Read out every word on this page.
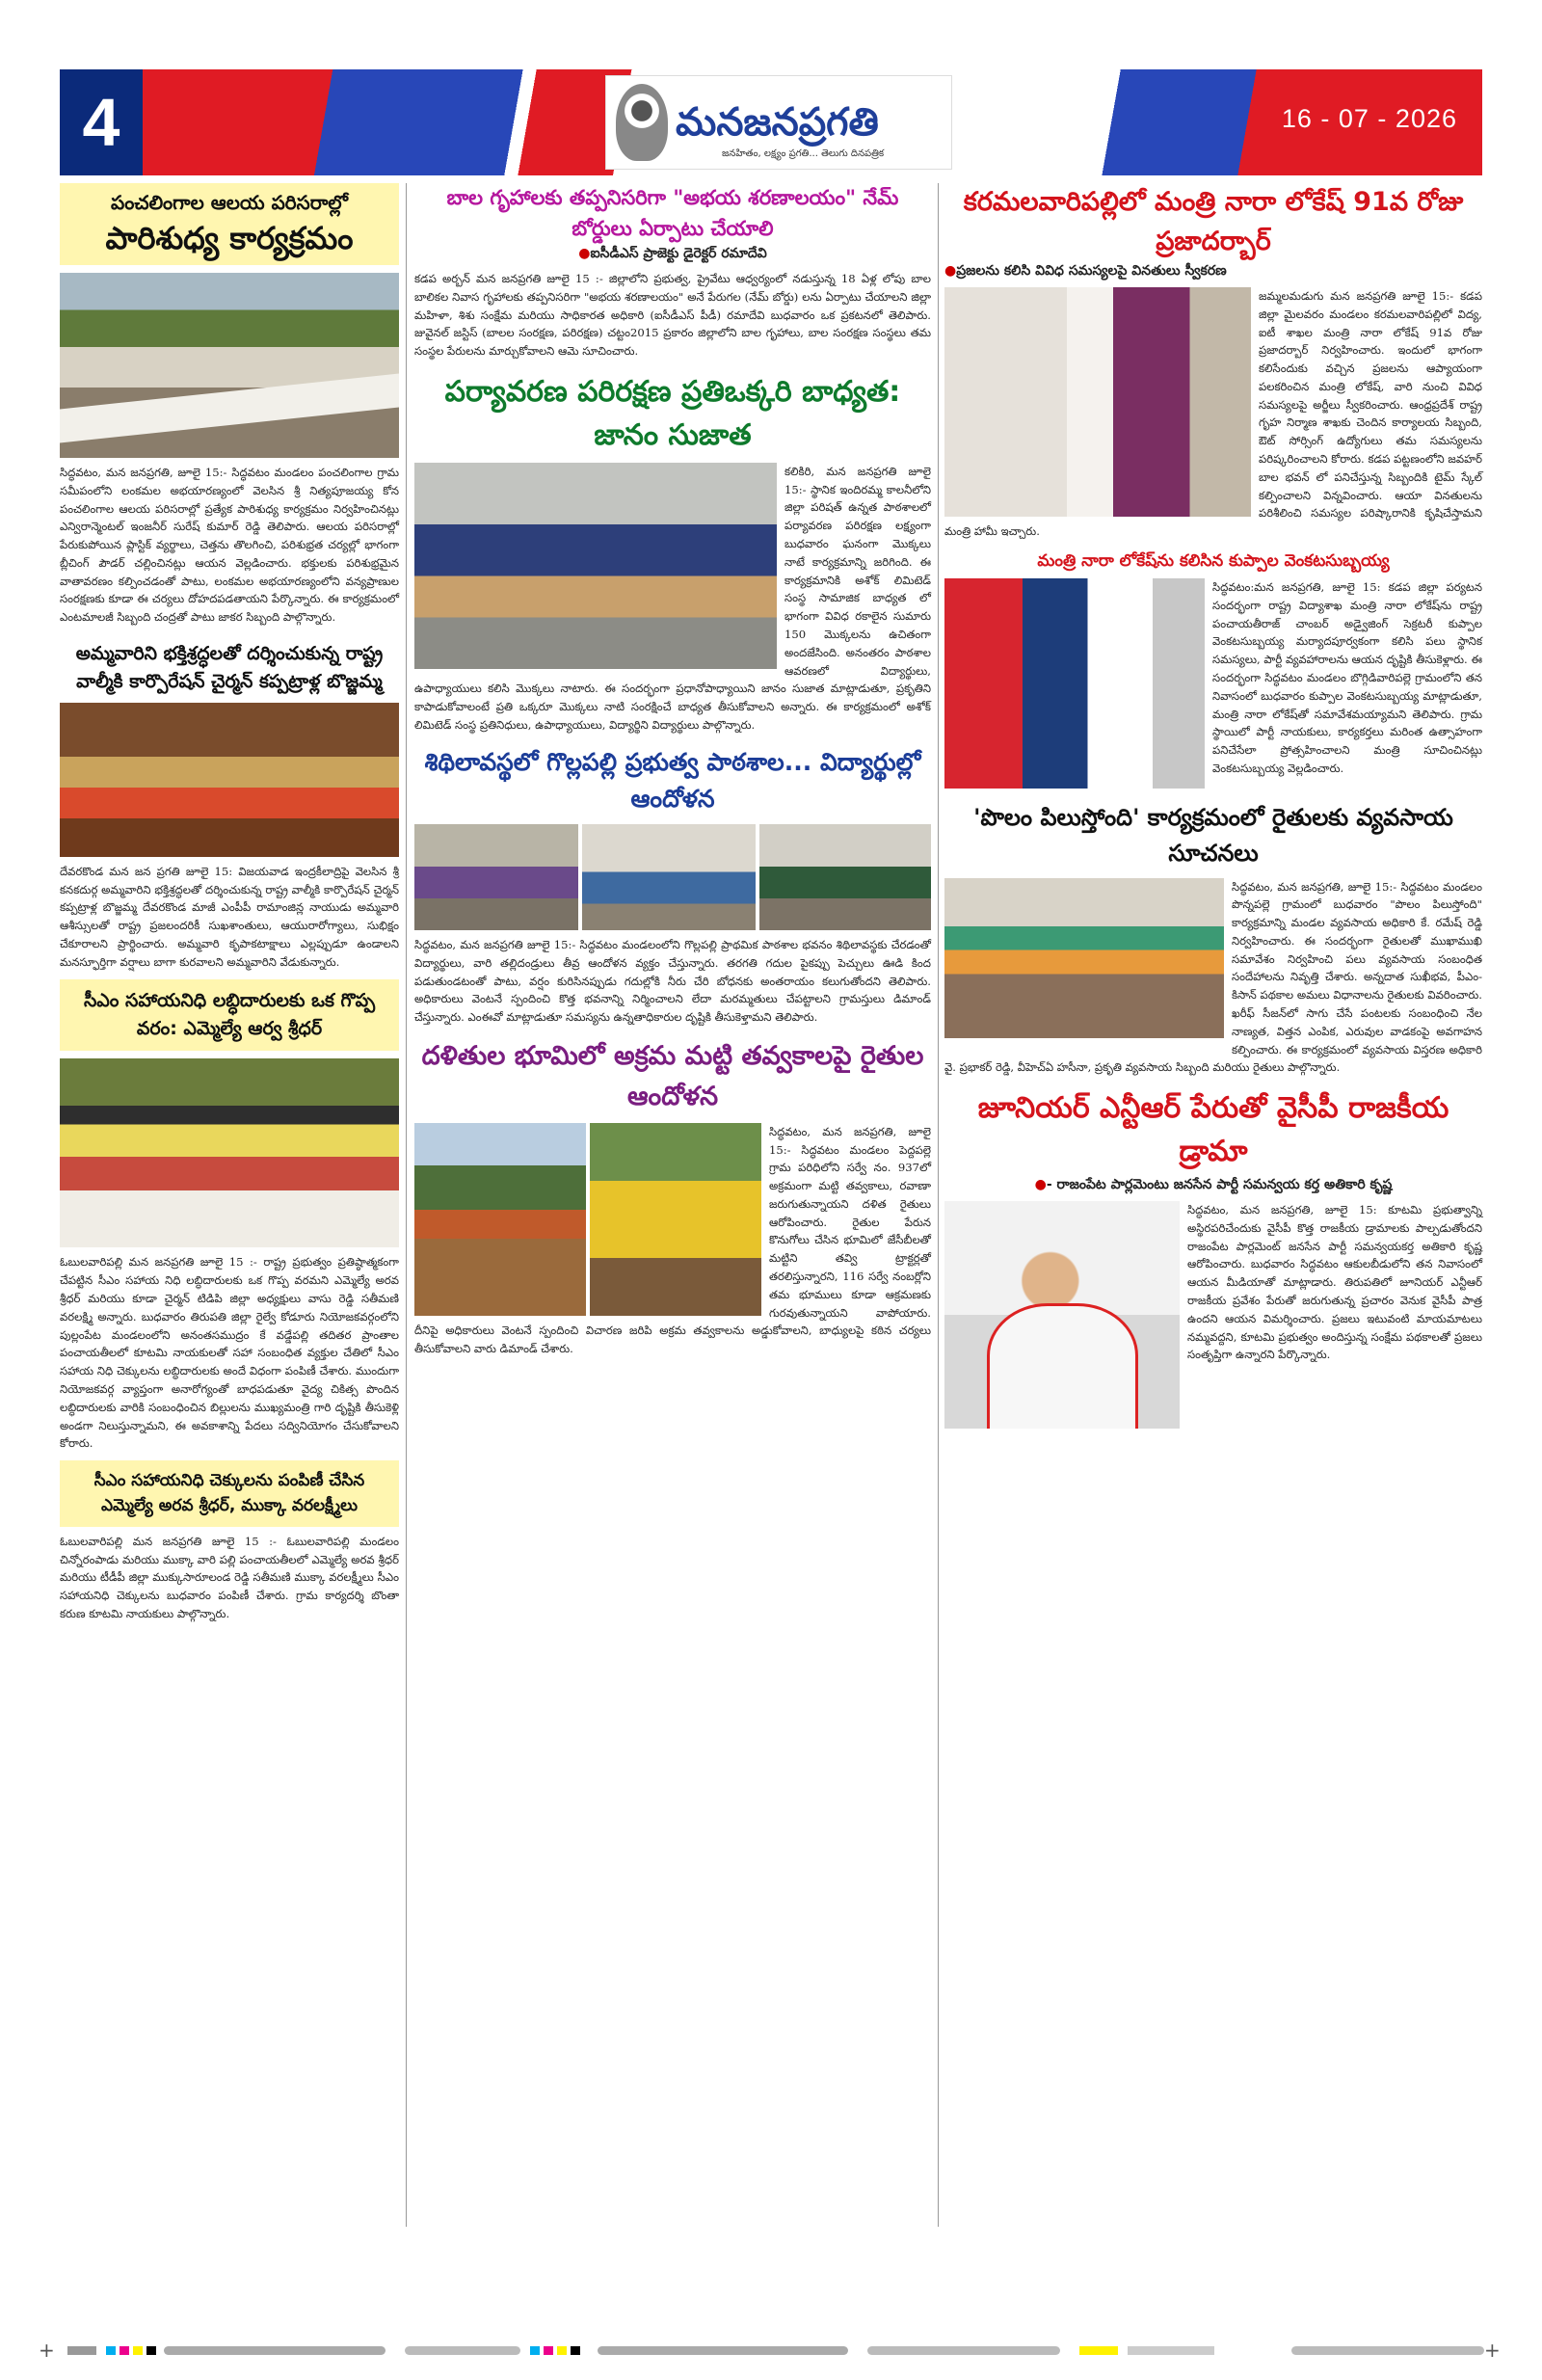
4	మనజనప్రగతి
జనహితం, లక్ష్యం ప్రగతి... తెలుగు దినపత్రిక
16 - 07 - 2026
పంచలింగాల ఆలయ పరిసరాల్లో
పారిశుధ్య కార్యక్రమం

సిద్ధవటం, మన జనప్రగతి, జూలై 15:- సిద్ధవటం మండలం పంచలింగాల గ్రామ సమీపంలోని లంకమల అభయారణ్యంలో వెలసిన శ్రీ నిత్యపూజయ్య కోన పంచలింగాల ఆలయ పరిసరాల్లో ప్రత్యేక పారిశుధ్య కార్యక్రమం నిర్వహించినట్లు ఎన్విరాన్మెంటల్ ఇంజనీర్ సురేష్ కుమార్ రెడ్డి తెలిపారు. ఆలయ పరిసరాల్లో పేరుకుపోయిన ప్లాస్టిక్ వ్యర్థాలు, చెత్తను తొలగించి, పరిశుభ్రత చర్యల్లో భాగంగా బ్లీచింగ్ పౌడర్ చల్లించినట్లు ఆయన వెల్లడించారు. భక్తులకు పరిశుభ్రమైన వాతావరణం కల్పించడంతో పాటు, లంకమల అభయారణ్యంలోని వన్యప్రాణుల సంరక్షణకు కూడా ఈ చర్యలు దోహదపడతాయని పేర్కొన్నారు. ఈ కార్యక్రమంలో ఎంటమాలజీ సిబ్బంది చంద్రతో పాటు జాకర సిబ్బంది పాల్గొన్నారు.

అమ్మవారిని భక్తిశ్రద్ధలతో దర్శించుకున్న రాష్ట్ర వాల్మీకి కార్పొరేషన్ చైర్మన్ కప్పట్రాళ్ల బొజ్జమ్మ

దేవరకొండ మన జన ప్రగతి జూలై 15: విజయవాడ ఇంద్రకీలాద్రిపై వెలసిన శ్రీ కనకదుర్గ అమ్మవారిని భక్తిశ్రద్ధలతో దర్శించుకున్న రాష్ట్ర వాల్మీకి కార్పొరేషన్ చైర్మన్ కప్పట్రాళ్ల బొజ్జమ్మ దేవరకొండ మాజీ ఎంపీపీ రామాంజిన్ల నాయుడు అమ్మవారి ఆశీస్సులతో రాష్ట్ర ప్రజలందరికీ సుఖశాంతులు, ఆయురారోగ్యాలు, సుభిక్షం చేకూరాలని ప్రార్థించారు. అమ్మవారి కృపాకటాక్షాలు ఎల్లప్పుడూ ఉండాలని మనస్ఫూర్తిగా వర్షాలు బాగా కురవాలని అమ్మవారిని వేడుకున్నారు.

సీఎం సహాయనిధి లబ్ధిదారులకు ఒక గొప్ప వరం: ఎమ్మెల్యే ఆర్వ శ్రీధర్

ఓబులవారిపల్లి మన జనప్రగతి జూలై 15 :- రాష్ట్ర ప్రభుత్వం ప్రతిష్ఠాత్మకంగా చేపట్టిన సీఎం సహాయ నిధి లబ్ధిదారులకు ఒక గొప్ప వరమని ఎమ్మెల్యే అరవ శ్రీధర్ మరియు కూడా చైర్మన్ టిడిపి జిల్లా అధ్యక్షులు వాసు రెడ్డి సతీమణి వరలక్ష్మి అన్నారు. బుధవారం తిరుపతి జిల్లా రైల్వే కోడూరు నియోజకవర్గంలోని పుల్లంపేట మండలంలోని అనంతసముద్రం కే వడ్డేపల్లి తదితర ప్రాంతాల పంచాయతీలలో కూటమి నాయకులతో సహా సంబంధిత వ్యక్తుల చేతిలో సీఎం సహాయ నిధి చెక్కులను లబ్ధిదారులకు అందే విధంగా పంపిణీ చేశారు. ముందుగా నియోజకవర్గ వ్యాప్తంగా అనారోగ్యంతో బాధపడుతూ వైద్య చికిత్స పొందిన లబ్ధిదారులకు వారికి సంబంధించిన బిల్లులను ముఖ్యమంత్రి గారి దృష్టికి తీసుకెళ్లి అండగా నిలుస్తున్నామని, ఈ అవకాశాన్ని పేదలు సద్వినియోగం చేసుకోవాలని కోరారు.

సీఎం సహాయనిధి చెక్కులను పంపిణీ చేసిన ఎమ్మెల్యే అరవ శ్రీధర్, ముక్కా వరలక్ష్మీలు

ఓబులవారిపల్లి మన జనప్రగతి జూలై 15 :- ఓబులవారిపల్లి మండలం చిన్నోరంపాడు మరియు ముక్కా వారి పల్లి పంచాయతీలలో ఎమ్మెల్యే అరవ శ్రీధర్ మరియు టీడీపీ జిల్లా ముక్కుసారూలండ రెడ్డి సతీమణి ముక్కా వరలక్ష్మీలు సీఎం సహాయనిధి చెక్కులను బుధవారం పంపిణీ చేశారు. గ్రామ కార్యదర్శి బొంతా కరుణ కూటమి నాయకులు పాల్గొన్నారు.

బాల గృహాలకు తప్పనిసరిగా "అభయ శరణాలయం" నేమ్ బోర్డులు ఏర్పాటు చేయాలి
● ఐసీడీఎస్ ప్రాజెక్టు డైరెక్టర్ రమాదేవి

కడప అర్బన్ మన జనప్రగతి జూలై 15 :- జిల్లాలోని ప్రభుత్వ, ప్రైవేటు ఆధ్వర్యంలో నడుస్తున్న 18 ఏళ్ల లోపు బాల బాలికల నివాస గృహాలకు తప్పనిసరిగా "అభయ శరణాలయం" అనే పేరుగల (నేమ్ బోర్డు) లను ఏర్పాటు చేయాలని జిల్లా మహిళా, శిశు సంక్షేమ మరియు సాధికారత అధికారి (ఐసీడీఎస్ పీడీ) రమాదేవి బుధవారం ఒక ప్రకటనలో తెలిపారు. జువైనల్ జస్టిస్ (బాలల సంరక్షణ, పరిరక్షణ) చట్టం2015 ప్రకారం జిల్లాలోని బాల గృహాలు, బాల సంరక్షణ సంస్థలు తమ సంస్థల పేరులను మార్చుకోవాలని ఆమె సూచించారు.

పర్యావరణ పరిరక్షణ ప్రతిఒక్కరి బాధ్యత: జానం సుజాత

కలికిరి, మన జనప్రగతి జూలై 15:- స్థానిక ఇందిరమ్మ కాలనీలోని జిల్లా పరిషత్ ఉన్నత పాఠశాలలో పర్యావరణ పరిరక్షణ లక్ష్యంగా బుధవారం ఘనంగా మొక్కలు నాటే కార్యక్రమాన్ని జరిగింది. ఈ కార్యక్రమానికి అశోక్ లిమిటెడ్ సంస్థ సామాజిక బాధ్యత లో భాగంగా వివిధ రకాలైన సుమారు 150 మొక్కలను ఉచితంగా అందజేసింది. అనంతరం పాఠశాల ఆవరణలో విద్యార్థులు, ఉపాధ్యాయులు కలిసి మొక్కలు నాటారు. ఈ సందర్భంగా ప్రధానోపాధ్యాయిని జానం సుజాత మాట్లాడుతూ, ప్రకృతిని కాపాడుకోవాలంటే ప్రతి ఒక్కరూ మొక్కలు నాటి సంరక్షించే బాధ్యత తీసుకోవాలని అన్నారు. ఈ కార్యక్రమంలో అశోక్ లిమిటెడ్ సంస్థ ప్రతినిధులు, ఉపాధ్యాయులు, విద్యార్థిని విద్యార్థులు పాల్గొన్నారు.

శిథిలావస్థలో గొల్లపల్లి ప్రభుత్వ పాఠశాల... విద్యార్థుల్లో ఆందోళన

సిద్ధవటం, మన జనప్రగతి జూలై 15:- సిద్ధవటం మండలంలోని గొల్లపల్లి ప్రాథమిక పాఠశాల భవనం శిథిలావస్థకు చేరడంతో విద్యార్థులు, వారి తల్లిదండ్రులు తీవ్ర ఆందోళన వ్యక్తం చేస్తున్నారు. తరగతి గదుల పైకప్పు పెచ్చులు ఊడి కింద పడుతుండటంతో పాటు, వర్షం కురిసినప్పుడు గదుల్లోకి నీరు చేరి బోధనకు అంతరాయం కలుగుతోందని తెలిపారు. అధికారులు వెంటనే స్పందించి కొత్త భవనాన్ని నిర్మించాలని లేదా మరమ్మతులు చేపట్టాలని గ్రామస్తులు డిమాండ్ చేస్తున్నారు. ఎంఈవో మాట్లాడుతూ సమస్యను ఉన్నతాధికారుల దృష్టికి తీసుకెళ్తామని తెలిపారు.

దళితుల భూమిలో అక్రమ మట్టి తవ్వకాలపై రైతుల ఆందోళన

సిద్ధవటం, మన జనప్రగతి, జూలై 15:- సిద్ధవటం మండలం పెద్దపల్లె గ్రామ పరిధిలోని సర్వే నం. 937లో అక్రమంగా మట్టి తవ్వకాలు, రవాణా జరుగుతున్నాయని దళిత రైతులు ఆరోపించారు. రైతుల పేరున కొనుగోలు చేసిన భూమిలో జేసీబీలతో మట్టిని తవ్వి ట్రాక్టర్లతో తరలిస్తున్నారని, 116 సర్వే నంబర్లోని తమ భూములు కూడా ఆక్రమణకు గురవుతున్నాయని వాపోయారు. దీనిపై అధికారులు వెంటనే స్పందించి విచారణ జరిపి అక్రమ తవ్వకాలను అడ్డుకోవాలని, బాధ్యులపై కఠిన చర్యలు తీసుకోవాలని వారు డిమాండ్ చేశారు.

కరమలవారిపల్లిలో మంత్రి నారా లోకేష్ 91వ రోజు ప్రజాదర్బార్
● ప్రజలను కలిసి వివిధ సమస్యలపై వినతులు స్వీకరణ

జమ్మలమడుగు మన జనప్రగతి జూలై 15:- కడప జిల్లా మైలవరం మండలం కరమలవారిపల్లిలో విద్య, ఐటీ శాఖల మంత్రి నారా లోకేష్ 91వ రోజు ప్రజాదర్బార్ నిర్వహించారు. ఇందులో భాగంగా కలిసేందుకు వచ్చిన ప్రజలను ఆప్యాయంగా పలకరించిన మంత్రి లోకేష్, వారి నుంచి వివిధ సమస్యలపై అర్జీలు స్వీకరించారు. ఆంధ్రప్రదేశ్ రాష్ట్ర గృహ నిర్మాణ శాఖకు చెందిన కార్యాలయ సిబ్బంది, ఔట్ సోర్సింగ్ ఉద్యోగులు తమ సమస్యలను పరిష్కరించాలని కోరారు. కడప పట్టణంలోని జవహర్ బాల భవన్ లో పనిచేస్తున్న సిబ్బందికి టైమ్ స్కేల్ కల్పించాలని విన్నవించారు. ఆయా వినతులను పరిశీలించి సమస్యల పరిష్కారానికి కృషిచేస్తామని మంత్రి హామీ ఇచ్చారు.

మంత్రి నారా లోకేష్‌ను కలిసిన కుప్పాల వెంకటసుబ్బయ్య

సిద్ధవటం:మన జనప్రగతి, జూలై 15: కడప జిల్లా పర్యటన సందర్భంగా రాష్ట్ర విద్యాశాఖ మంత్రి నారా లోకేష్‌ను రాష్ట్ర పంచాయతీరాజ్ చాంబర్ అడ్వైజింగ్ సెక్రటరీ కుప్పాల వెంకటసుబ్బయ్య మర్యాదపూర్వకంగా కలిసి పలు స్థానిక సమస్యలు, పార్టీ వ్యవహారాలను ఆయన దృష్టికి తీసుకెళ్లారు. ఈ సందర్భంగా సిద్ధవటం మండలం బొగ్గిడివారిపల్లె గ్రామంలోని తన నివాసంలో బుధవారం కుప్పాల వెంకటసుబ్బయ్య మాట్లాడుతూ, మంత్రి నారా లోకేష్‌తో సమావేశమయ్యామని తెలిపారు. గ్రామ స్థాయిలో పార్టీ నాయకులు, కార్యకర్తలు మరింత ఉత్సాహంగా పనిచేసేలా ప్రోత్సహించాలని మంత్రి సూచించినట్లు వెంకటసుబ్బయ్య వెల్లడించారు.

'పొలం పిలుస్తోంది' కార్యక్రమంలో రైతులకు వ్యవసాయ సూచనలు

సిద్ధవటం, మన జనప్రగతి, జూలై 15:- సిద్ధవటం మండలం పొన్నపల్లె గ్రామంలో బుధవారం "పొలం పిలుస్తోంది" కార్యక్రమాన్ని మండల వ్యవసాయ అధికారి కే. రమేష్ రెడ్డి నిర్వహించారు. ఈ సందర్భంగా రైతులతో ముఖాముఖి సమావేశం నిర్వహించి పలు వ్యవసాయ సంబంధిత సందేహాలను నివృత్తి చేశారు. అన్నదాత సుఖీభవ, పీఎం-కిసాన్ పథకాల అమలు విధానాలను రైతులకు వివరించారు. ఖరీఫ్ సీజన్‌లో సాగు చేసే పంటలకు సంబంధించి నేల నాణ్యత, విత్తన ఎంపిక, ఎరువుల వాడకంపై అవగాహన కల్పించారు. ఈ కార్యక్రమంలో వ్యవసాయ విస్తరణ అధికారి వై. ప్రభాకర్ రెడ్డి, వీహెచ్ఏ హసీనా, ప్రకృతి వ్యవసాయ సిబ్బంది మరియు రైతులు పాల్గొన్నారు.

జూనియర్ ఎన్టీఆర్ పేరుతో వైసీపీ రాజకీయ డ్రామా
● - రాజంపేట పార్లమెంటు జనసేన పార్టీ సమన్వయ కర్త అతికారి కృష్ణ

సిద్ధవటం, మన జనప్రగతి, జూలై 15: కూటమి ప్రభుత్వాన్ని అస్థిరపరిచేందుకు వైసీపీ కొత్త రాజకీయ డ్రామాలకు పాల్పడుతోందని రాజంపేట పార్లమెంట్ జనసేన పార్టీ సమన్వయకర్త అతికారి కృష్ణ ఆరోపించారు. బుధవారం సిద్ధవటం ఆకులబీడులోని తన నివాసంలో ఆయన మీడియాతో మాట్లాడారు. తిరుపతిలో జూనియర్ ఎన్టీఆర్ రాజకీయ ప్రవేశం పేరుతో జరుగుతున్న ప్రచారం వెనుక వైసీపీ పాత్ర ఉందని ఆయన విమర్శించారు. ప్రజలు ఇటువంటి మాయమాటలు నమ్మవద్దని, కూటమి ప్రభుత్వం అందిస్తున్న సంక్షేమ పథకాలతో ప్రజలు సంతృప్తిగా ఉన్నారని పేర్కొన్నారు.

+	+
